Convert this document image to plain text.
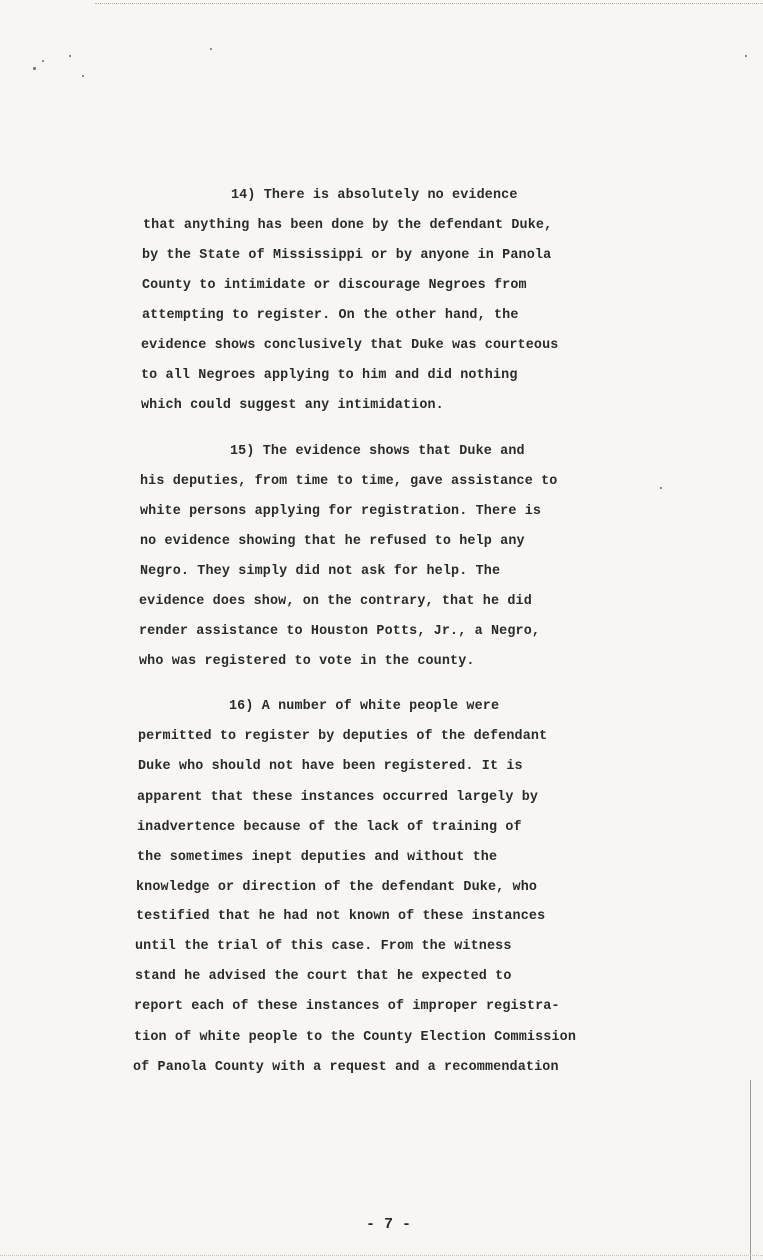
14) There is absolutely no evidence
that anything has been done by the defendant Duke,
by the State of Mississippi or by anyone in Panola
County to intimidate or discourage Negroes from
attempting to register. On the other hand, the
evidence shows conclusively that Duke was courteous
to all Negroes applying to him and did nothing
which could suggest any intimidation.
15) The evidence shows that Duke and
his deputies, from time to time, gave assistance to
white persons applying for registration. There is
no evidence showing that he refused to help any
Negro. They simply did not ask for help. The
evidence does show, on the contrary, that he did
render assistance to Houston Potts, Jr., a Negro,
who was registered to vote in the county.
16) A number of white people were
permitted to register by deputies of the defendant
Duke who should not have been registered. It is
apparent that these instances occurred largely by
inadvertence because of the lack of training of
the sometimes inept deputies and without the
knowledge or direction of the defendant Duke, who
testified that he had not known of these instances
until the trial of this case. From the witness
stand he advised the court that he expected to
report each of these instances of improper registra-
tion of white people to the County Election Commission
of Panola County with a request and a recommendation
- 7 -
